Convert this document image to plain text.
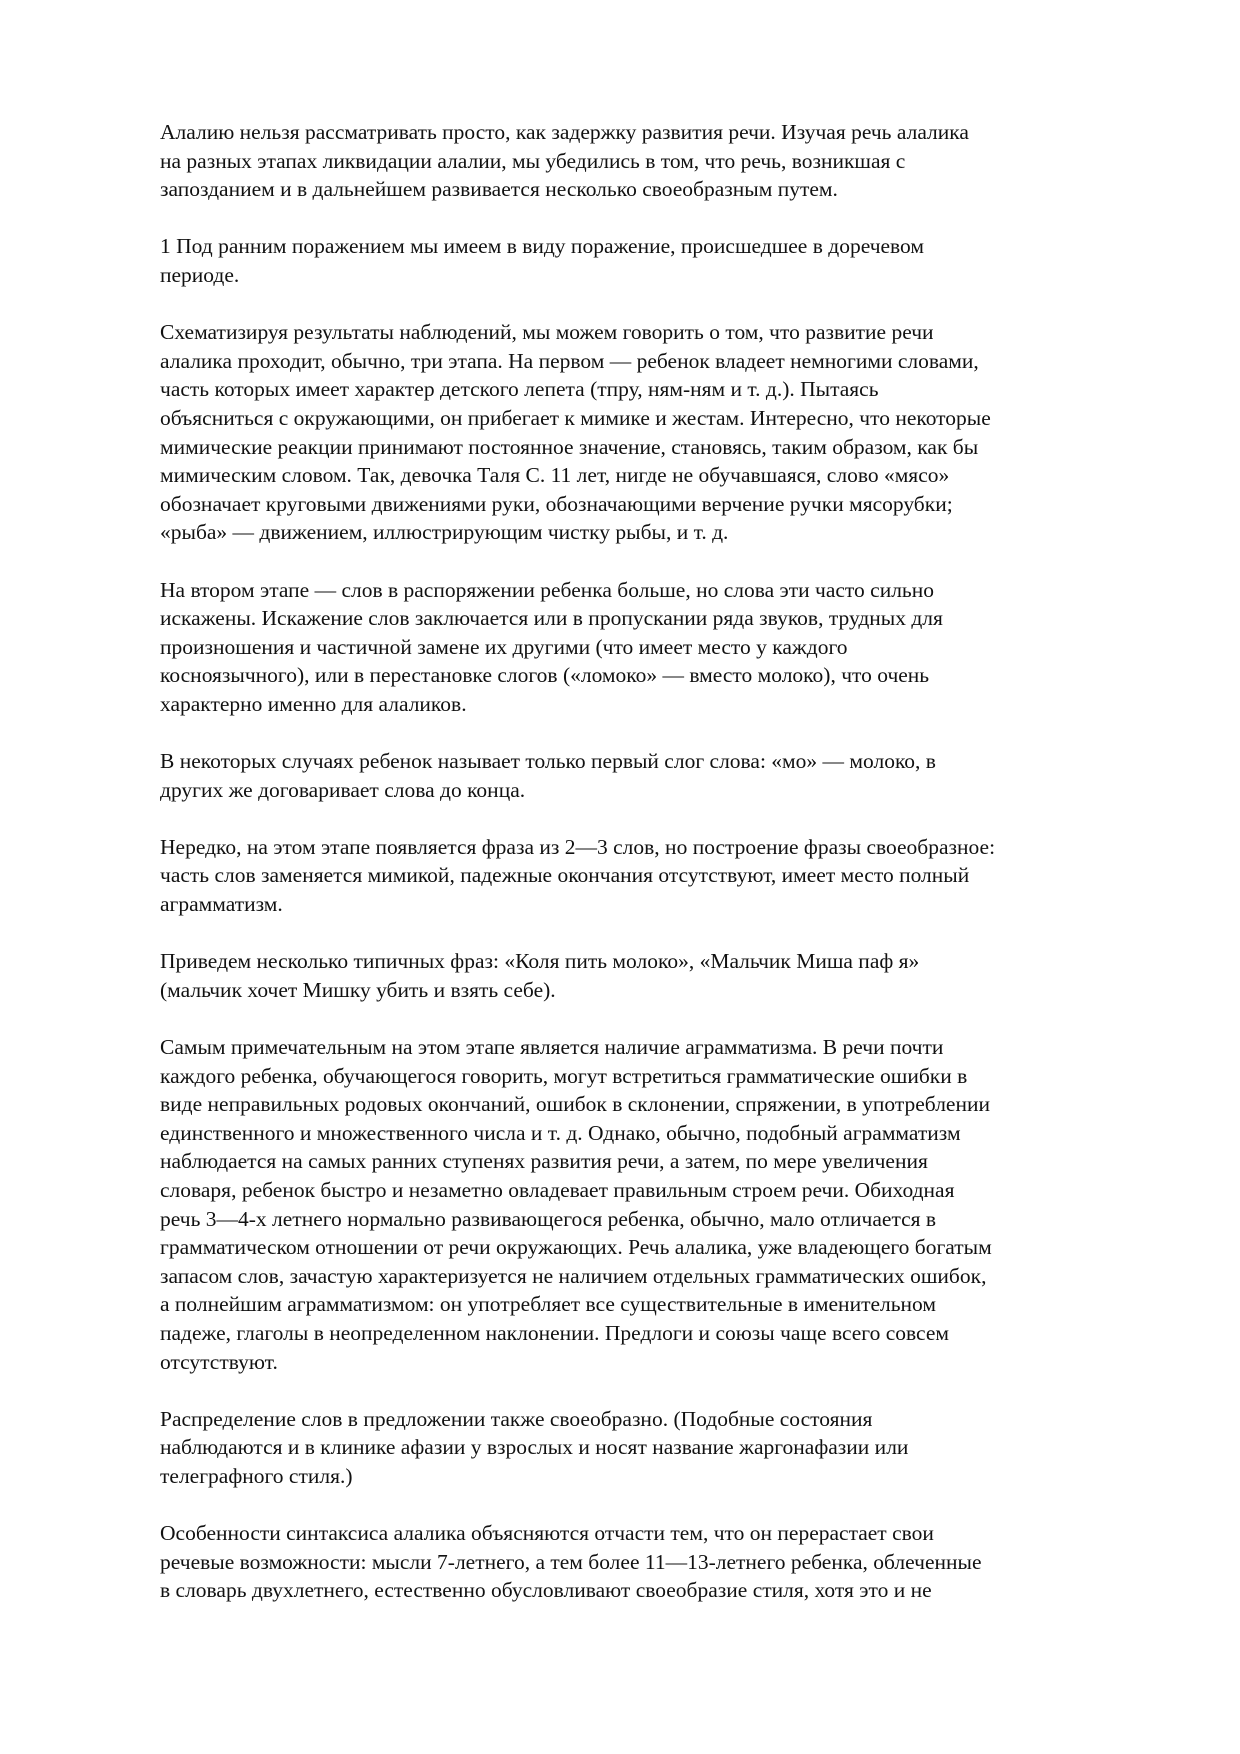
Алалию нельзя рассматривать просто, как задержку развития речи. Изучая речь алалика
на разных этапах ликвидации алалии, мы убедились в том, что речь, возникшая с
запозданием и в дальнейшем развивается несколько своеобразным путем.

1 Под ранним поражением мы имеем в виду поражение, происшедшее в доречевом
периоде.

Схематизируя результаты наблюдений, мы можем говорить о том, что развитие речи
алалика проходит, обычно, три этапа. На первом — ребенок владеет немногими словами,
часть которых имеет характер детского лепета (тпру, ням-ням и т. д.). Пытаясь
объясниться с окружающими, он прибегает к мимике и жестам. Интересно, что некоторые
мимические реакции принимают постоянное значение, становясь, таким образом, как бы
мимическим словом. Так, девочка Таля С. 11 лет, нигде не обучавшаяся, слово «мясо»
обозначает круговыми движениями руки, обозначающими верчение ручки мясорубки;
«рыба» — движением, иллюстрирующим чистку рыбы, и т. д.

На втором этапе — слов в распоряжении ребенка больше, но слова эти часто сильно
искажены. Искажение слов заключается или в пропускании ряда звуков, трудных для
произношения и частичной замене их другими (что имеет место у каждого
косноязычного), или в перестановке слогов («ломоко» — вместо молоко), что очень
характерно именно для алаликов.

В некоторых случаях ребенок называет только первый слог слова: «мо» — молоко, в
других же договаривает слова до конца.

Нередко, на этом этапе появляется фраза из 2—3 слов, но построение фразы своеобразное:
часть слов заменяется мимикой, падежные окончания отсутствуют, имеет место полный
аграмматизм.

Приведем несколько типичных фраз: «Коля пить молоко», «Мальчик Миша паф я»
(мальчик хочет Мишку убить и взять себе).

Самым примечательным на этом этапе является наличие аграмматизма. В речи почти
каждого ребенка, обучающегося говорить, могут встретиться грамматические ошибки в
виде неправильных родовых окончаний, ошибок в склонении, спряжении, в употреблении
единственного и множественного числа и т. д. Однако, обычно, подобный аграмматизм
наблюдается на самых ранних ступенях развития речи, а затем, по мере увеличения
словаря, ребенок быстро и незаметно овладевает правильным строем речи. Обиходная
речь 3—4-х летнего нормально развивающегося ребенка, обычно, мало отличается в
грамматическом отношении от речи окружающих. Речь алалика, уже владеющего богатым
запасом слов, зачастую характеризуется не наличием отдельных грамматических ошибок,
а полнейшим аграмматизмом: он употребляет все существительные в именительном
падеже, глаголы в неопределенном наклонении. Предлоги и союзы чаще всего совсем
отсутствуют.

Распределение слов в предложении также своеобразно. (Подобные состояния
наблюдаются и в клинике афазии у взрослых и носят название жаргонафазии или
телеграфного стиля.)

Особенности синтаксиса алалика объясняются отчасти тем, что он перерастает свои
речевые возможности: мысли 7-летнего, а тем более 11—13-летнего ребенка, облеченные
в словарь двухлетнего, естественно обусловливают своеобразие стиля, хотя это и не
